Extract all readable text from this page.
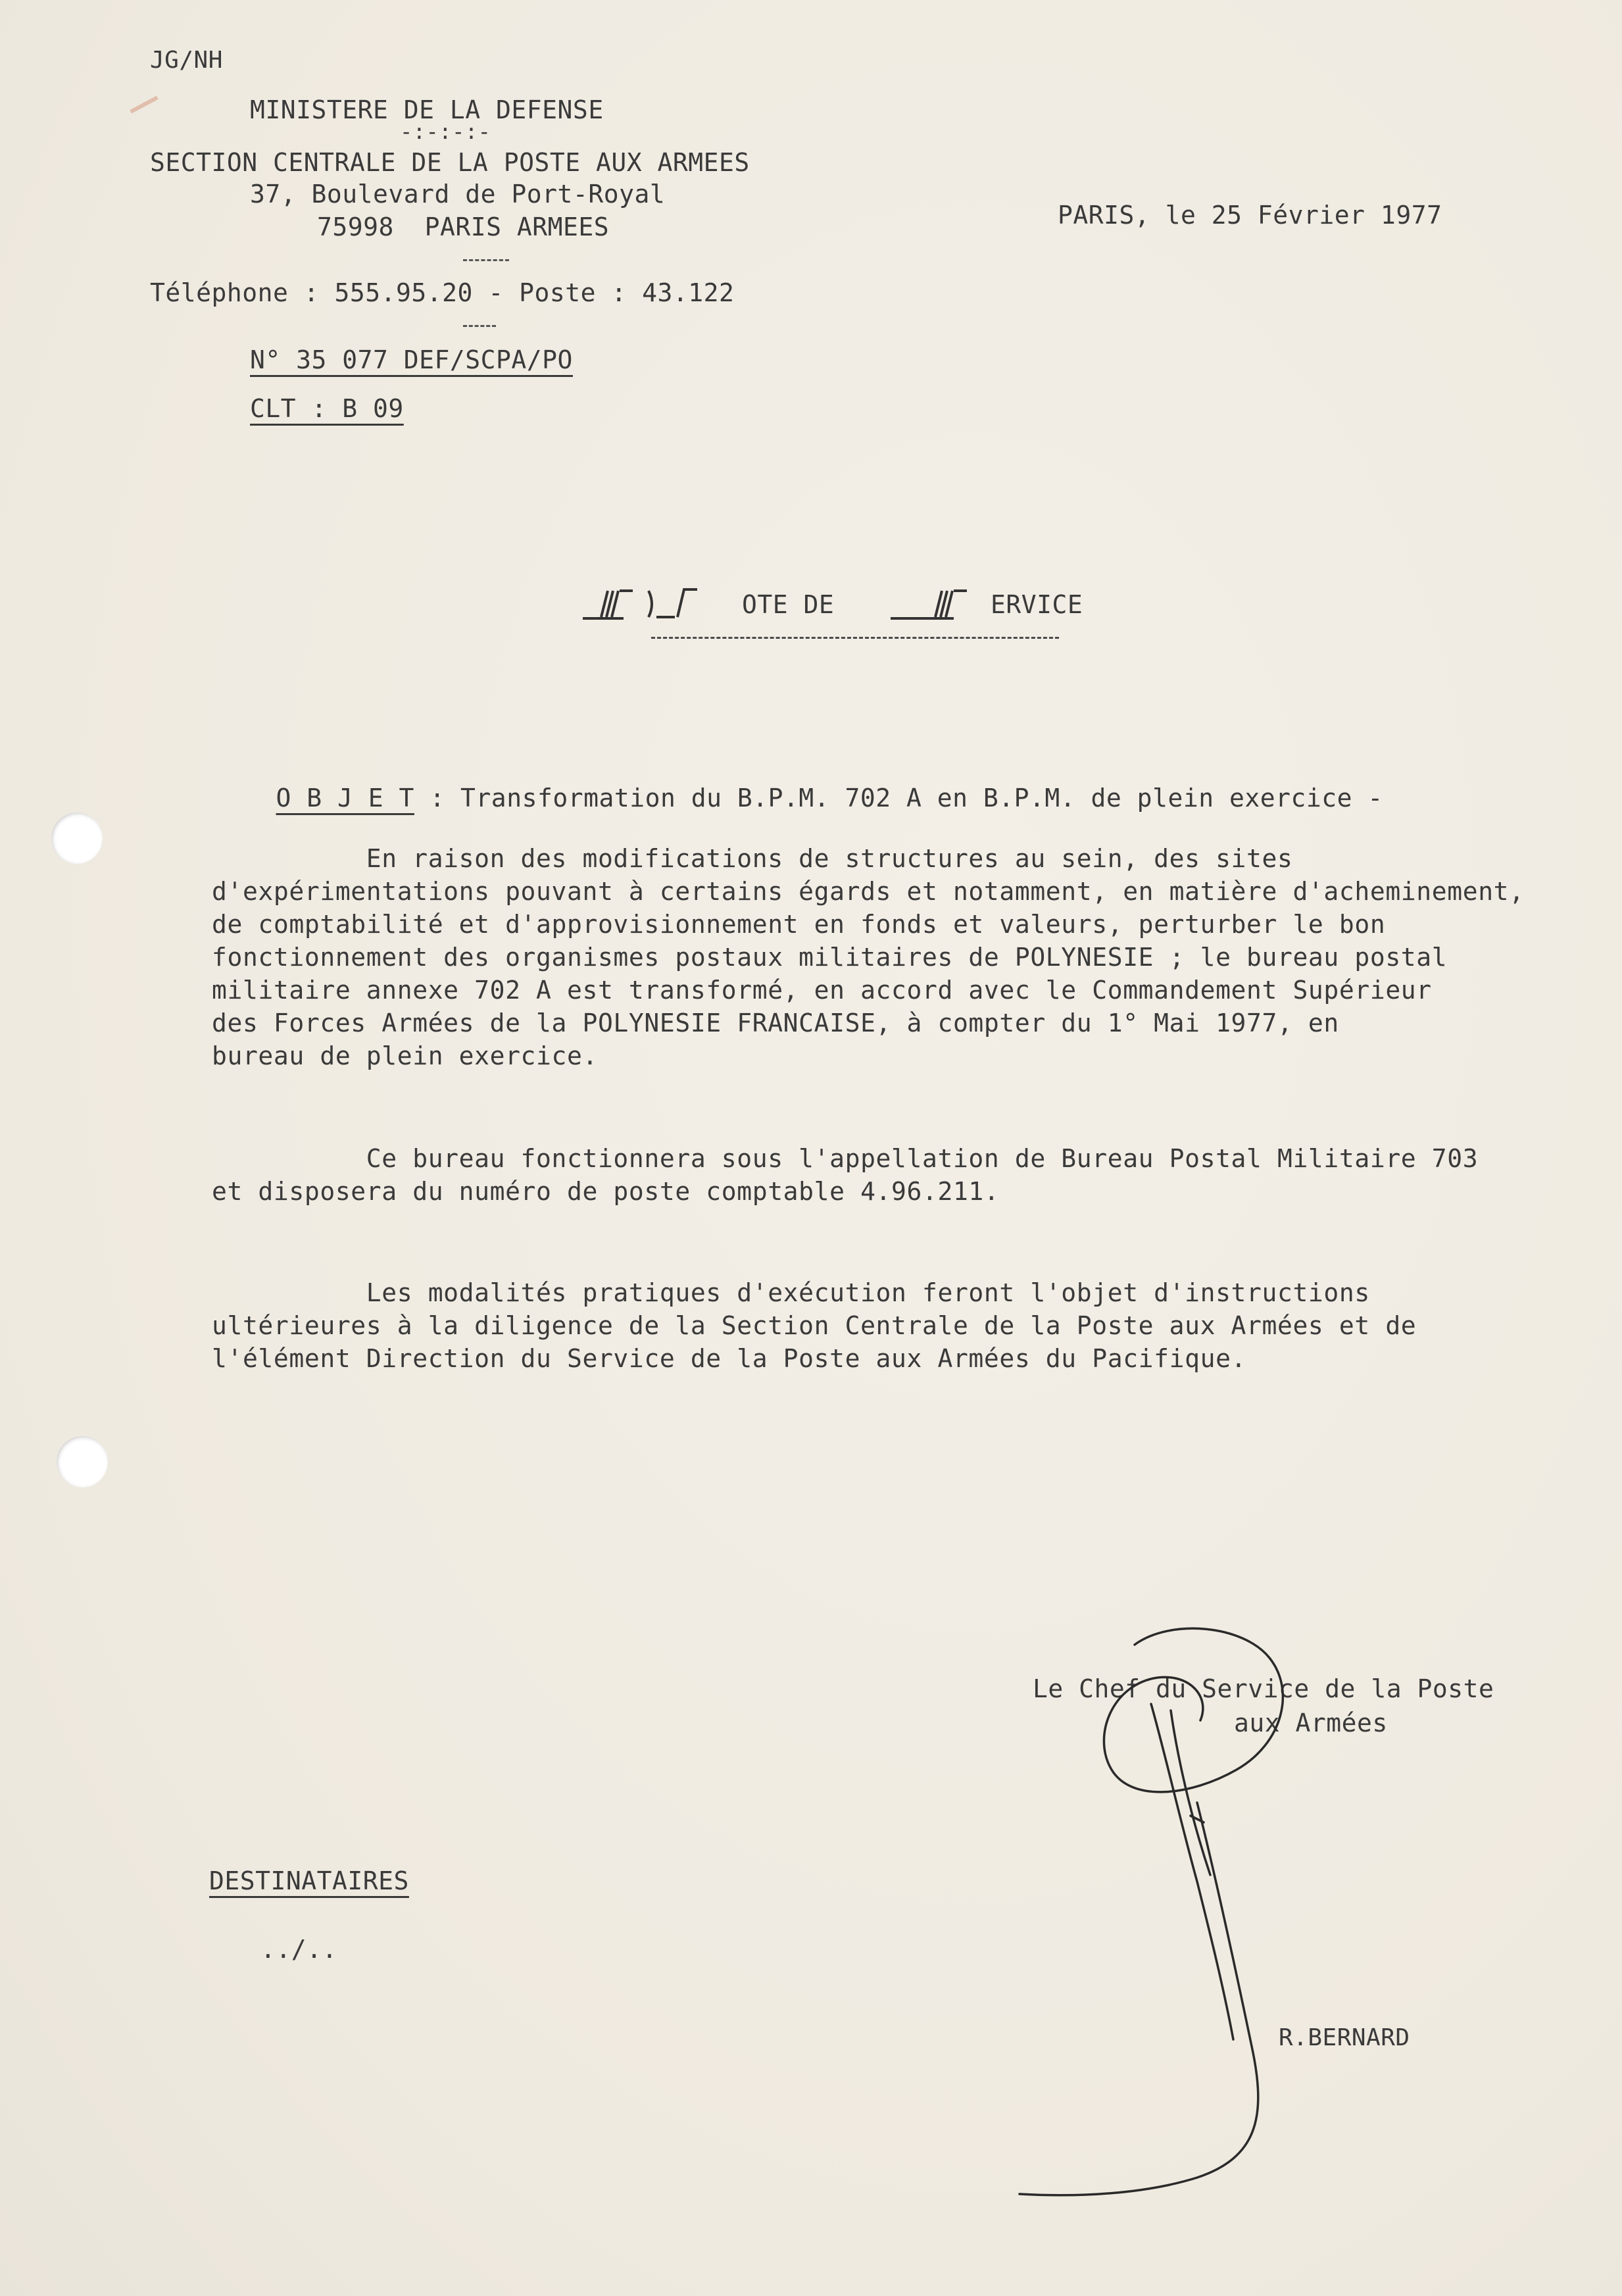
JG/NH
MINISTERE DE LA DEFENSE
-:-:-:-
SECTION CENTRALE DE LA POSTE AUX ARMEES
37, Boulevard de Port-Royal
75998  PARIS ARMEES
Téléphone : 555.95.20 - Poste : 43.122
N° 35 077 DEF/SCPA/PO
CLT : B 09
PARIS, le 25 Février 1977
OTE DE	ERVICE

O B J E T : Transformation du B.P.M. 702 A en B.P.M. de plein exercice -

En raison des modifications de structures au sein, des sites

d'expérimentations pouvant à certains égards et notamment, en matière d'acheminement,

de comptabilité et d'approvisionnement en fonds et valeurs, perturber le bon

fonctionnement des organismes postaux militaires de POLYNESIE ; le bureau postal

militaire annexe 702 A est transformé, en accord avec le Commandement Supérieur

des Forces Armées de la POLYNESIE FRANCAISE, à compter du 1° Mai 1977, en

bureau de plein exercice.

Ce bureau fonctionnera sous l'appellation de Bureau Postal Militaire 703

et disposera du numéro de poste comptable 4.96.211.

Les modalités pratiques d'exécution feront l'objet d'instructions

ultérieures à la diligence de la Section Centrale de la Poste aux Armées et de

l'élément Direction du Service de la Poste aux Armées du Pacifique.

Le Chef du Service de la Poste
aux Armées
R.BERNARD
DESTINATAIRES
../..
